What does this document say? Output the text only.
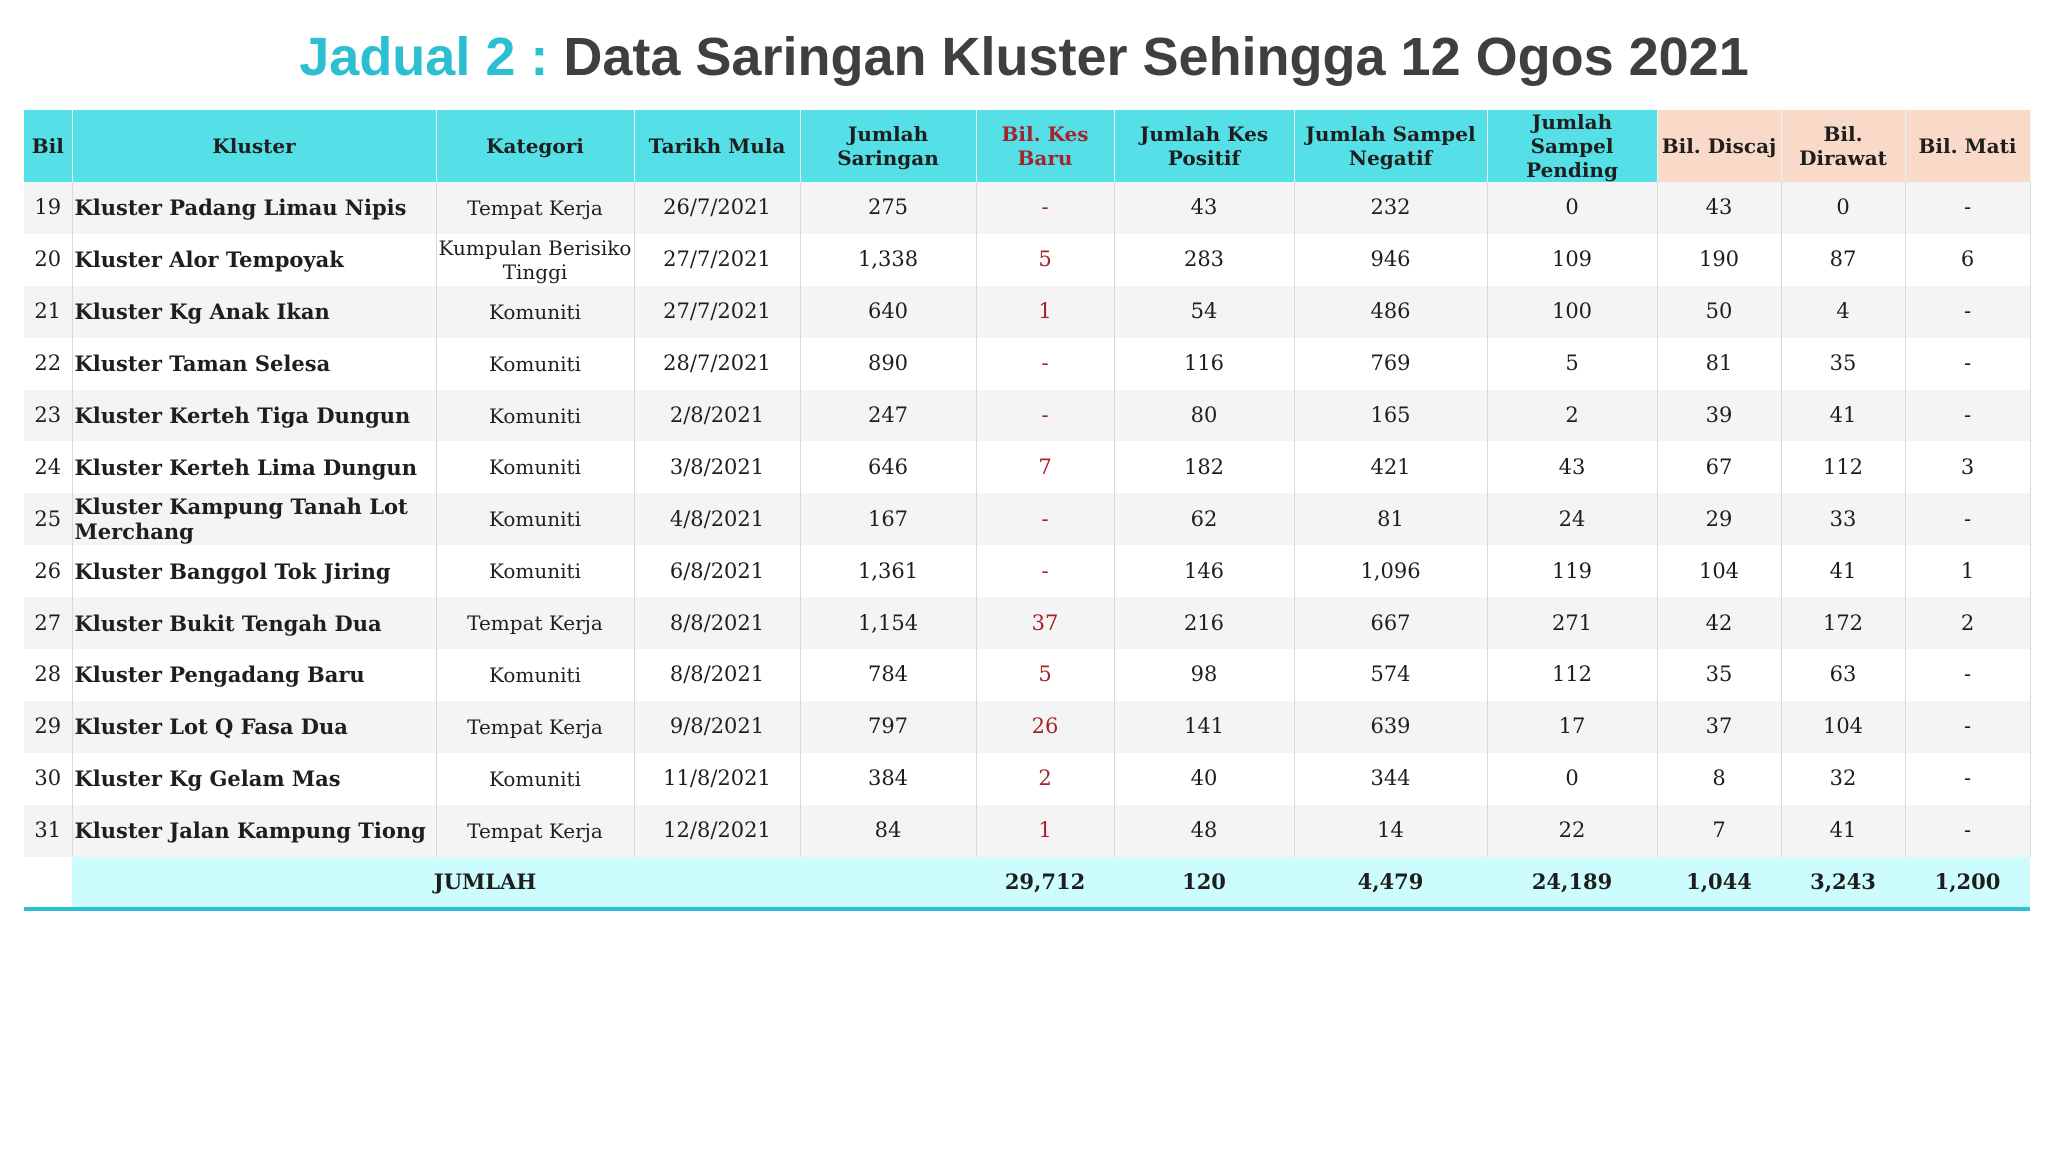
Jadual 2 : Data Saringan Kluster Sehingga 12 Ogos 2021
Bil	Kluster	Kategori	Tarikh Mula	Jumlah Saringan	Bil. Kes Baru	Jumlah Kes Positif	Jumlah Sampel Negatif	Jumlah Sampel Pending	Bil. Discaj	Bil. Dirawat	Bil. Mati	
19	Kluster Padang Limau Nipis	Tempat Kerja	26/7/2021	275	-	43	232	0	43	0	-	
20	Kluster Alor Tempoyak	Kumpulan Berisiko Tinggi	27/7/2021	1,338	5	283	946	109	190	87	6	
21	Kluster Kg Anak Ikan	Komuniti	27/7/2021	640	1	54	486	100	50	4	-	
22	Kluster Taman Selesa	Komuniti	28/7/2021	890	-	116	769	5	81	35	-	
23	Kluster Kerteh Tiga Dungun	Komuniti	2/8/2021	247	-	80	165	2	39	41	-	
24	Kluster Kerteh Lima Dungun	Komuniti	3/8/2021	646	7	182	421	43	67	112	3	
25	Kluster Kampung Tanah Lot Merchang	Komuniti	4/8/2021	167	-	62	81	24	29	33	-	
26	Kluster Banggol Tok Jiring	Komuniti	6/8/2021	1,361	-	146	1,096	119	104	41	1	
27	Kluster Bukit Tengah Dua	Tempat Kerja	8/8/2021	1,154	37	216	667	271	42	172	2	
28	Kluster Pengadang Baru	Komuniti	8/8/2021	784	5	98	574	112	35	63	-	
29	Kluster Lot Q Fasa Dua	Tempat Kerja	9/8/2021	797	26	141	639	17	37	104	-	
30	Kluster Kg Gelam Mas	Komuniti	11/8/2021	384	2	40	344	0	8	32	-	
31	Kluster Jalan Kampung Tiong	Tempat Kerja	12/8/2021	84	1	48	14	22	7	41	-	
	JUMLAH				29,712	120	4,479	24,189	1,044	3,243	1,200	
